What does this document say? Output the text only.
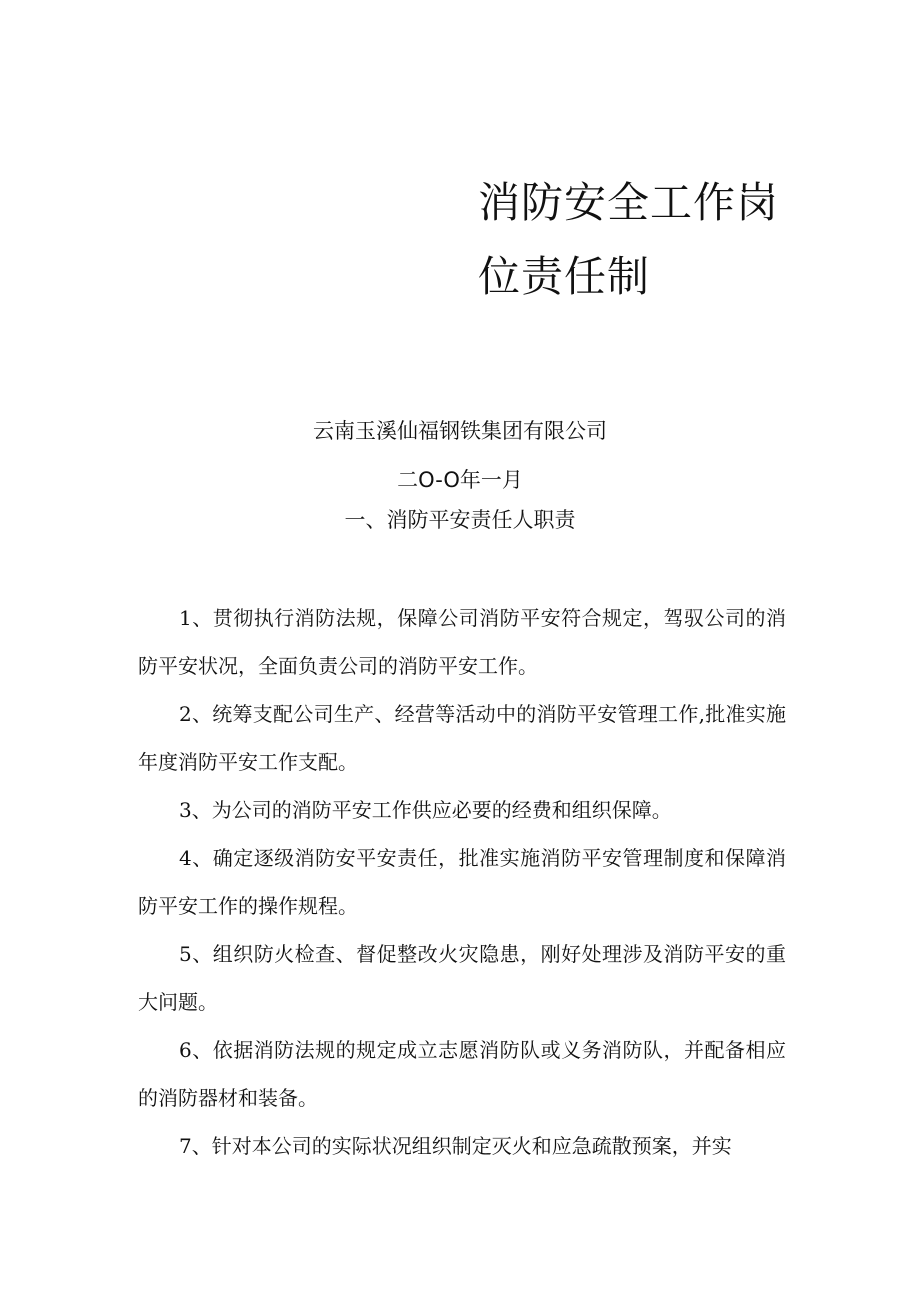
消防安全工作岗
位责任制
云南玉溪仙福钢铁集团有限公司
二O-O年一月
一、消防平安责任人职责

1、贯彻执行消防法规，保障公司消防平安符合规定，驾驭公司的消防平安状况，全面负责公司的消防平安工作。

2、统筹支配公司生产、经营等活动中的消防平安管理工作,批准实施年度消防平安工作支配。

3、为公司的消防平安工作供应必要的经费和组织保障。

4、确定逐级消防安平安责任，批准实施消防平安管理制度和保障消防平安工作的操作规程。

5、组织防火检查、督促整改火灾隐患，刚好处理涉及消防平安的重大问题。

6、依据消防法规的规定成立志愿消防队或义务消防队，并配备相应的消防器材和装备。

7、针对本公司的实际状况组织制定灭火和应急疏散预案，并实
